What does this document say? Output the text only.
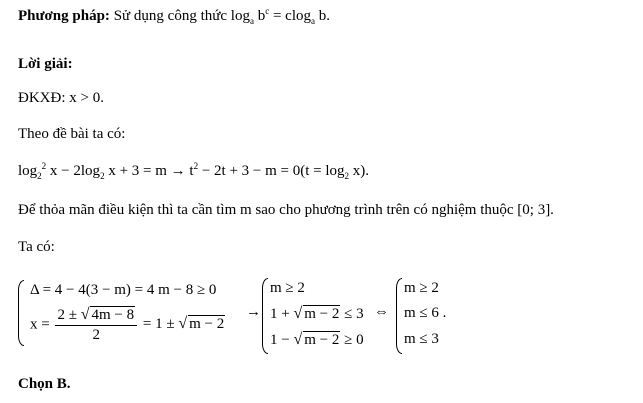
Phương pháp: Sử dụng công thức $\log_a b^c = clog_a$ b.
Lời giải:
ĐKXĐ: x > 0.
Theo đề bài ta có:
$\log_2^2 x - 2\log_2$ $x + 3 = m \to t^2 - 2t + 3 - m = 0(t = \log_2 x)$.
Để thỏa mãn điều kiện thì ta cần tìm m sao cho phương trình trên có nghiệm thuộc [0; 3].
Ta có:
Δ = 4 − 4(3 − m) = 4 m − 8 ≥ 0
$x = \frac{2 \pm √ 4m - 8}{2} = 1$ ± √ m − 2
→
m ≥ 2
1 + √ m − 2 ≤ 3
1 − √ m − 2 ≥ 0
⇔
m ≥ 2
m ≤ 6 .
m ≤ 3
Chọn B.
